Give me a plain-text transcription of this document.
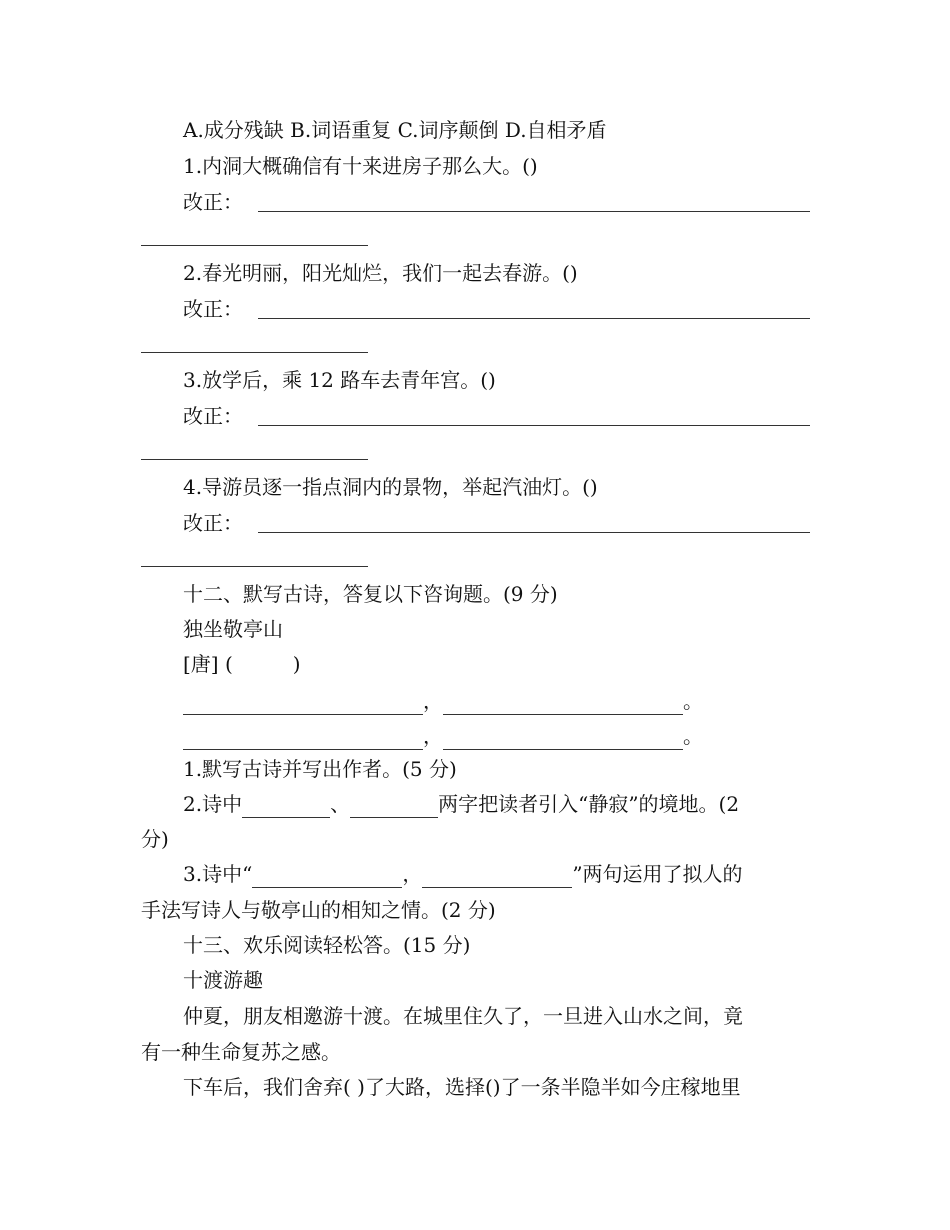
A.成分残缺 B.词语重复 C.词序颠倒 D.自相矛盾
1.内洞大概确信有十来进房子那么大。()
改正：
2.春光明丽，阳光灿烂，我们一起去春游。()
改正：
3.放学后，乘 12 路车去青年宫。()
改正：
4.导游员逐一指点洞内的景物，举起汽油灯。()
改正：
十二、默写古诗，答复以下咨询题。(9 分)
独坐敬亭山
[唐] (　　　)
，	。
，	。
1.默写古诗并写出作者。(5 分)
2.诗中	、	两字把读者引入“静寂”的境地。(2
分)
3.诗中“	，	”两句运用了拟人的
手法写诗人与敬亭山的相知之情。(2 分)
十三、欢乐阅读轻松答。(15 分)
十渡游趣
仲夏，朋友相邀游十渡。在城里住久了，一旦进入山水之间，竟
有一种生命复苏之感。
下车后，我们舍弃( )了大路，选择()了一条半隐半如今庄稼地里
